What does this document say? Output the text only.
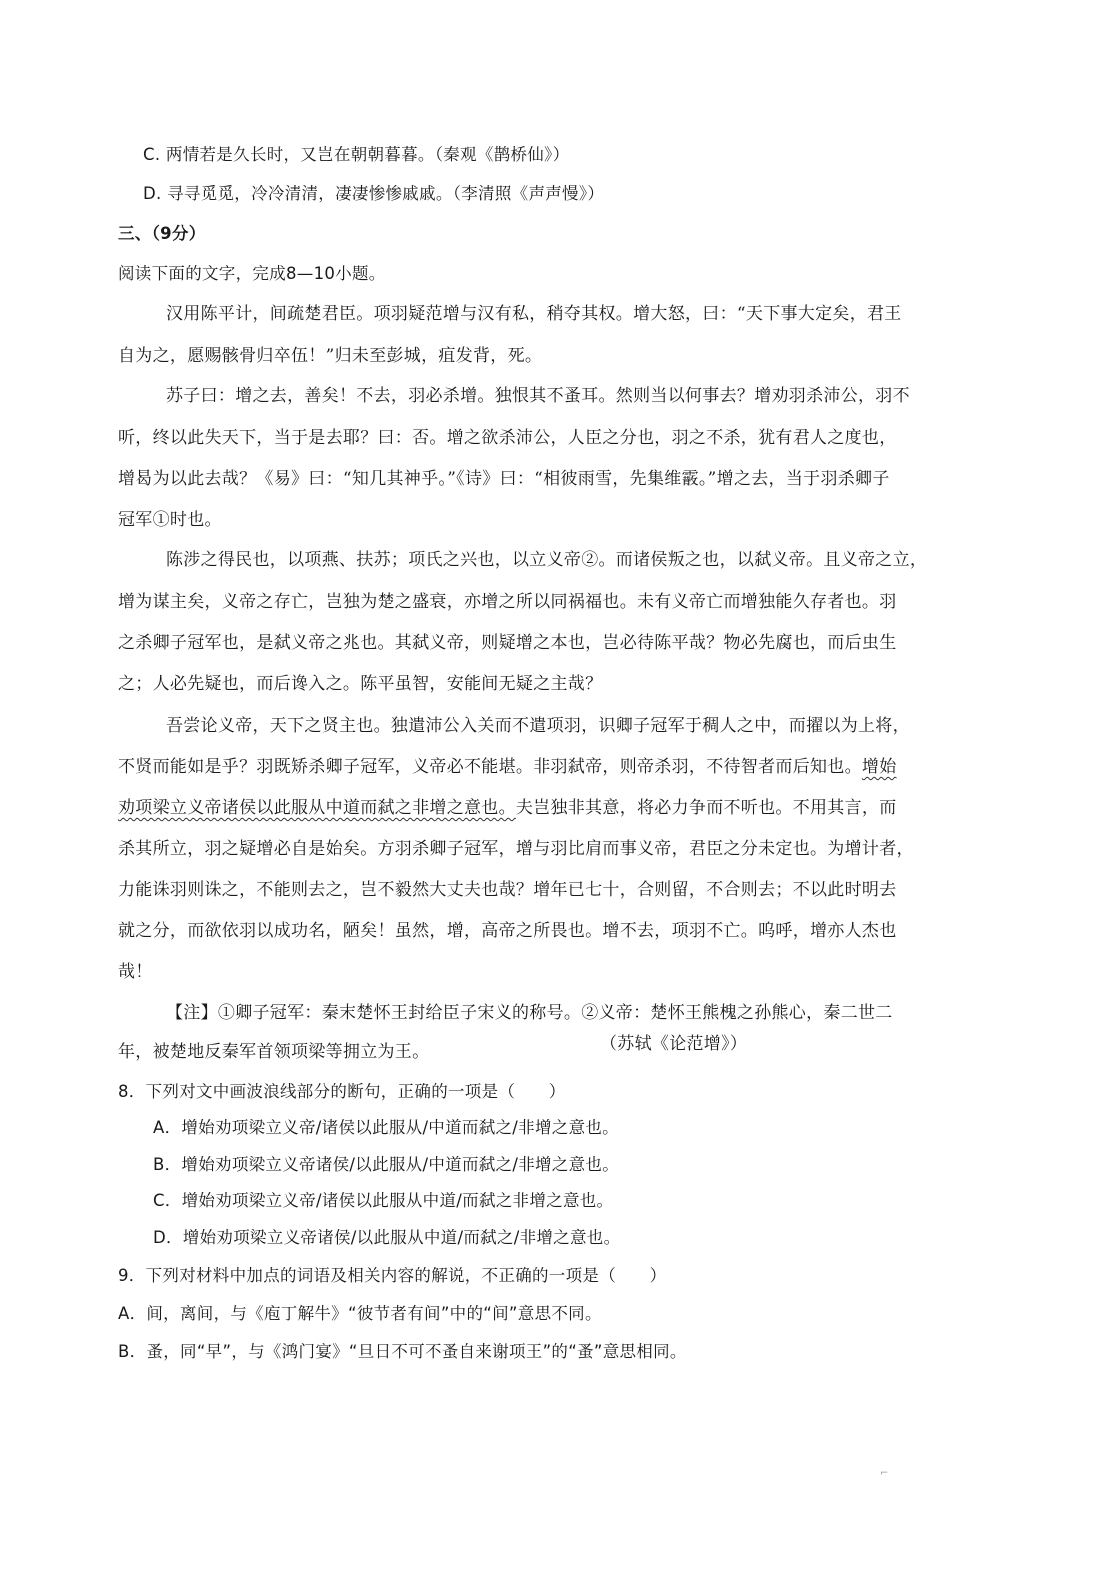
C. 两情若是久长时，又岂在朝朝暮暮。（秦观《鹊桥仙》）
D. 寻寻觅觅，冷冷清清，凄凄惨惨戚戚。（李清照《声声慢》）
三、（9分）
阅读下面的文字，完成8—10小题。
汉用陈平计，间疏楚君臣。项羽疑范增与汉有私，稍夺其权。增大怒，曰：“天下事大定矣，君王
自为之，愿赐骸骨归卒伍！”归未至彭城，疽发背，死。
苏子曰：增之去，善矣！不去，羽必杀增。独恨其不蚤耳。然则当以何事去？增劝羽杀沛公，羽不
听，终以此失天下，当于是去耶？曰：否。增之欲杀沛公，人臣之分也，羽之不杀，犹有君人之度也，
增曷为以此去哉？《易》曰：“知几其神乎。”《诗》曰：“相彼雨雪，先集维霰。”增之去，当于羽杀卿子
冠军①时也。
陈涉之得民也，以项燕、扶苏；项氏之兴也，以立义帝②。而诸侯叛之也，以弑义帝。且义帝之立，
增为谋主矣，义帝之存亡，岂独为楚之盛衰，亦增之所以同祸福也。未有义帝亡而增独能久存者也。羽
之杀卿子冠军也，是弑义帝之兆也。其弑义帝，则疑增之本也，岂必待陈平哉？物必先腐也，而后虫生
之；人必先疑也，而后谗入之。陈平虽智，安能间无疑之主哉？
吾尝论义帝，天下之贤主也。独遣沛公入关而不遣项羽，识卿子冠军于稠人之中，而擢以为上将，
不贤而能如是乎？羽既矫杀卿子冠军，义帝必不能堪。非羽弑帝，则帝杀羽，不待智者而后知也。增始
劝项梁立义帝诸侯以此服从中道而弑之非增之意也。夫岂独非其意，将必力争而不听也。不用其言，而
杀其所立，羽之疑增必自是始矣。方羽杀卿子冠军，增与羽比肩而事义帝，君臣之分未定也。为增计者，
力能诛羽则诛之，不能则去之，岂不毅然大丈夫也哉？增年已七十，合则留，不合则去；不以此时明去
就之分，而欲依羽以成功名，陋矣！虽然，增，高帝之所畏也。增不去，项羽不亡。呜呼，增亦人杰也
哉！
【注】①卿子冠军：秦末楚怀王封给臣子宋义的称号。②义帝：楚怀王熊槐之孙熊心，秦二世二
年，被楚地反秦军首领项梁等拥立为王。	（苏轼《论范增》）
8．下列对文中画波浪线部分的断句，正确的一项是（　　）
A．增始劝项梁立义帝/诸侯以此服从/中道而弑之/非增之意也。
B．增始劝项梁立义帝诸侯/以此服从/中道而弑之/非增之意也。
C．增始劝项梁立义帝/诸侯以此服从中道/而弑之非增之意也。
D．增始劝项梁立义帝诸侯/以此服从中道/而弑之/非增之意也。
9．下列对材料中加点的词语及相关内容的解说，不正确的一项是（　　）
A．间，离间，与《庖丁解牛》“彼节者有间”中的“间”意思不同。
B．蚤，同“早”，与《鸿门宴》“旦日不可不蚤自来谢项王”的“蚤”意思相同。
⌐
